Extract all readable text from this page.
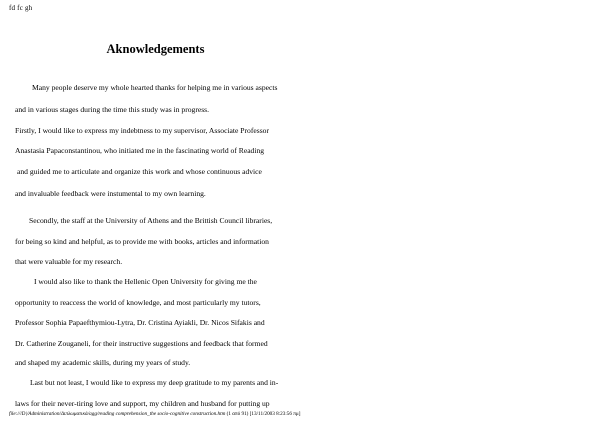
fd fc gh
Aknowledgements
Many people deserve my whole hearted thanks for helping me in various aspects
and in various stages during the time this study was in progress.
Firstly, I would like to express my indebtness to my supervisor, Associate Professor
Anastasia Papaconstantinou, who initiated me in the fascinating world of Reading
and guided me to articulate and organize this work and whose continuous advice
and invaluable feedback were instumental to my own learning.
Secondly, the staff at the University of Athens and the Brittish Council libraries,
for being so kind and helpful, as to provide me with books, articles and information
that were valuable for my research.
I would also like to thank the Hellenic Open University for giving me the
opportunity to reaccess the world of knowledge, and most particularly my tutors,
Professor Sophia Papaefthymiou-Lytra, Dr. Cristina Ayiakli, Dr. Nicos Sifakis and
Dr. Catherine Zouganeli, for their instructive suggestions and feedback that formed
and shaped my academic skills, during my years of study.
Last but not least, I would like to express my deep gratitude to my parents and in-
laws for their never-tiring love and support, my children and husband for putting up
file:///D|/Administration/Διπλωματικά/agg/reading comprehension_the socio-cognitive construction.htm (1 από 91) [13/11/2003 8:23:56 πμ]
